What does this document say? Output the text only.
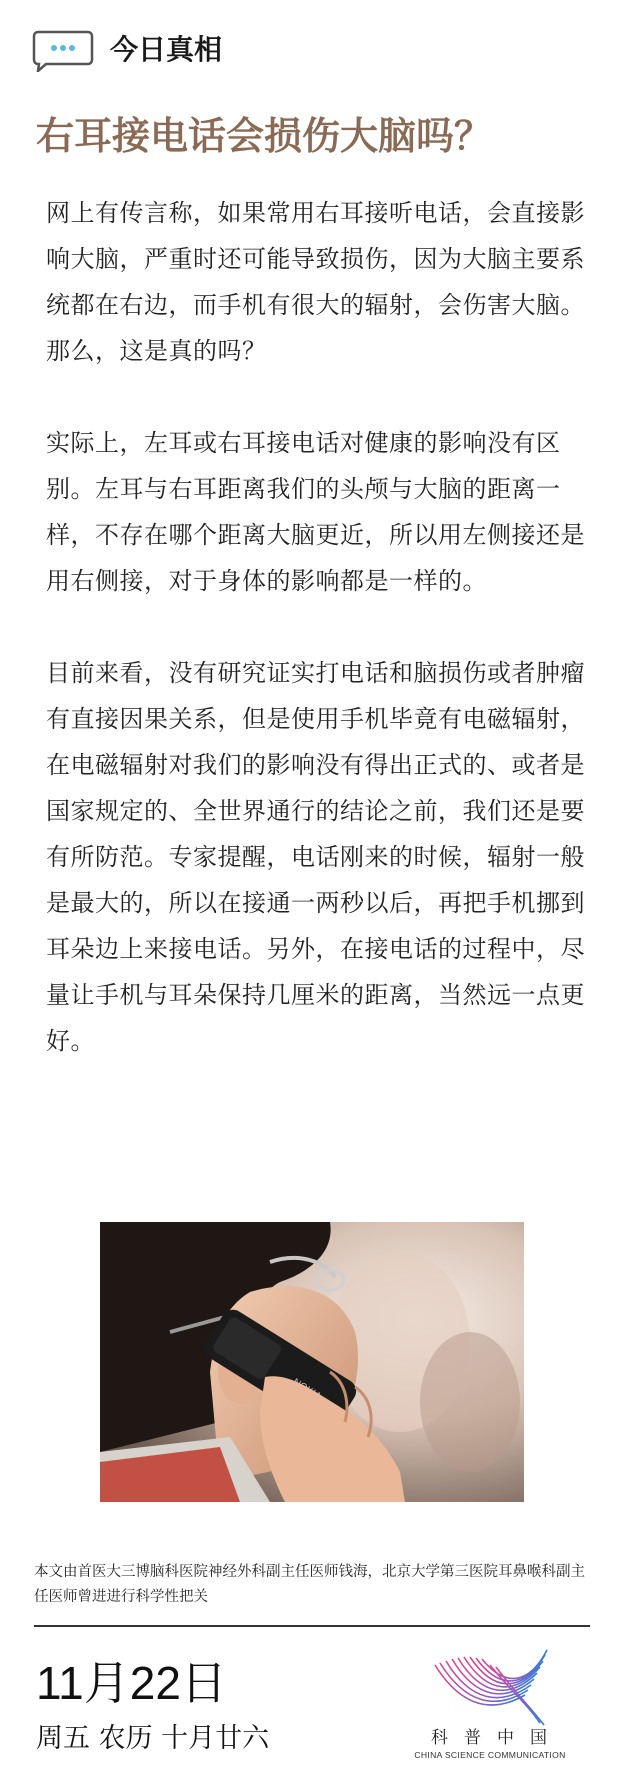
今日真相
右耳接电话会损伤大脑吗？

网上有传言称，如果常用右耳接听电话，会直接影响大脑，严重时还可能导致损伤，因为大脑主要系统都在右边，而手机有很大的辐射，会伤害大脑。那么，这是真的吗？

实际上，左耳或右耳接电话对健康的影响没有区别。左耳与右耳距离我们的头颅与大脑的距离一样，不存在哪个距离大脑更近，所以用左侧接还是用右侧接，对于身体的影响都是一样的。

目前来看，没有研究证实打电话和脑损伤或者肿瘤有直接因果关系，但是使用手机毕竟有电磁辐射，在电磁辐射对我们的影响没有得出正式的、或者是国家规定的、全世界通行的结论之前，我们还是要有所防范。专家提醒，电话刚来的时候，辐射一般是最大的，所以在接通一两秒以后，再把手机挪到耳朵边上来接电话。另外，在接电话的过程中，尽量让手机与耳朵保持几厘米的距离，当然远一点更好。

本文由首医大三博脑科医院神经外科副主任医师钱海，北京大学第三医院耳鼻喉科副主任医师曾进进行科学性把关

11月22日
周五 农历 十月廿六	科普中国
CHINA SCIENCE COMMUNICATION
